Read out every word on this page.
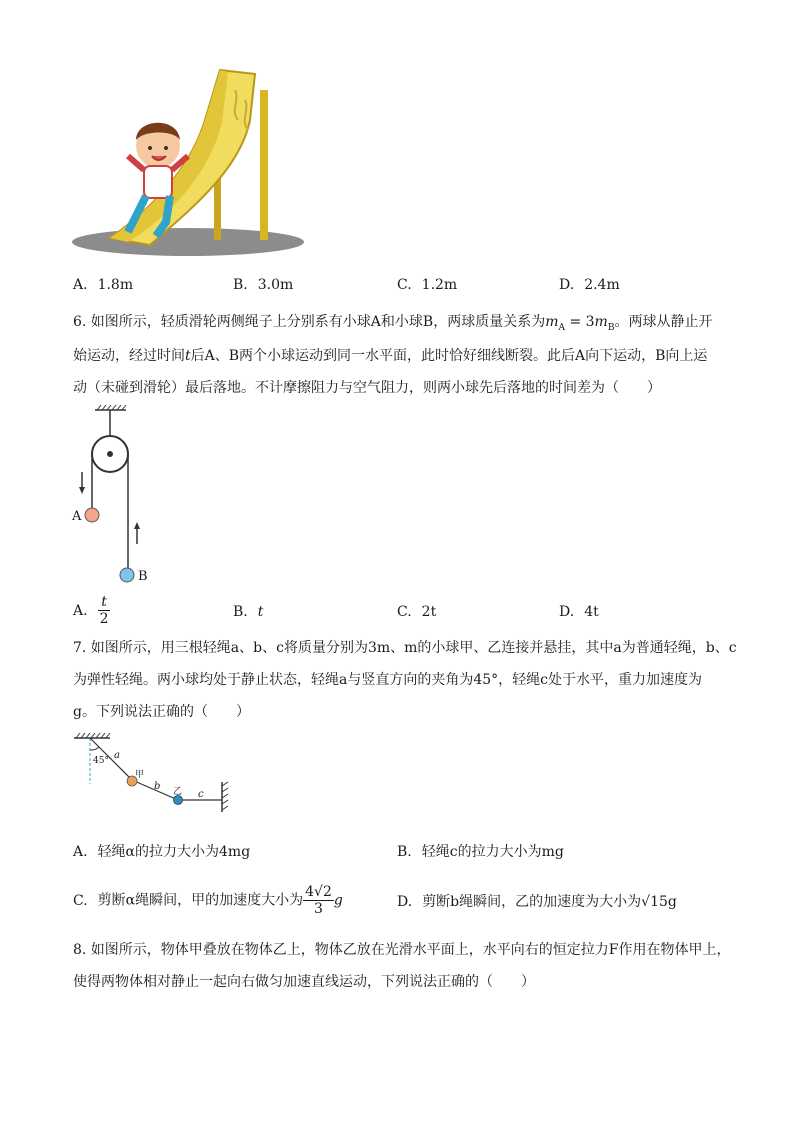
A. 1.8m	B. 3.0m	C. 1.2m	D. 2.4m
6. 如图所示，轻质滑轮两侧绳子上分别系有小球A和小球B，两球质量关系为$m_A = 3m_B$。两球从静止开
始运动，经过时间t后A、B两个小球运动到同一水平面，此时恰好细线断裂。此后A向下运动，B向上运
动（未碰到滑轮）最后落地。不计摩擦阻力与空气阻力，则两小球先后落地的时间差为（　　）
A
B
A. $\frac{t}{2}$	B. t	C. 2t	D. 4t
7. 如图所示，用三根轻绳a、b、c将质量分别为3m、m的小球甲、乙连接并悬挂，其中a为普通轻绳，b、c
为弹性轻绳。两小球均处于静止状态，轻绳a与竖直方向的夹角为45°，轻绳c处于水平，重力加速度为
g。下列说法正确的（　　）
45° a
甲
b 乙 c
A. 轻绳α的拉力大小为4mg	B. 轻绳c的拉力大小为mg
C. 剪断α绳瞬间，甲的加速度大小为 $\frac{4√2}{3}$ g	D. 剪断b绳瞬间，乙的加速度为大小为√15g
8. 如图所示，物体甲叠放在物体乙上，物体乙放在光滑水平面上，水平向右的恒定拉力F作用在物体甲上，
使得两物体相对静止一起向右做匀加速直线运动，下列说法正确的（　　）
